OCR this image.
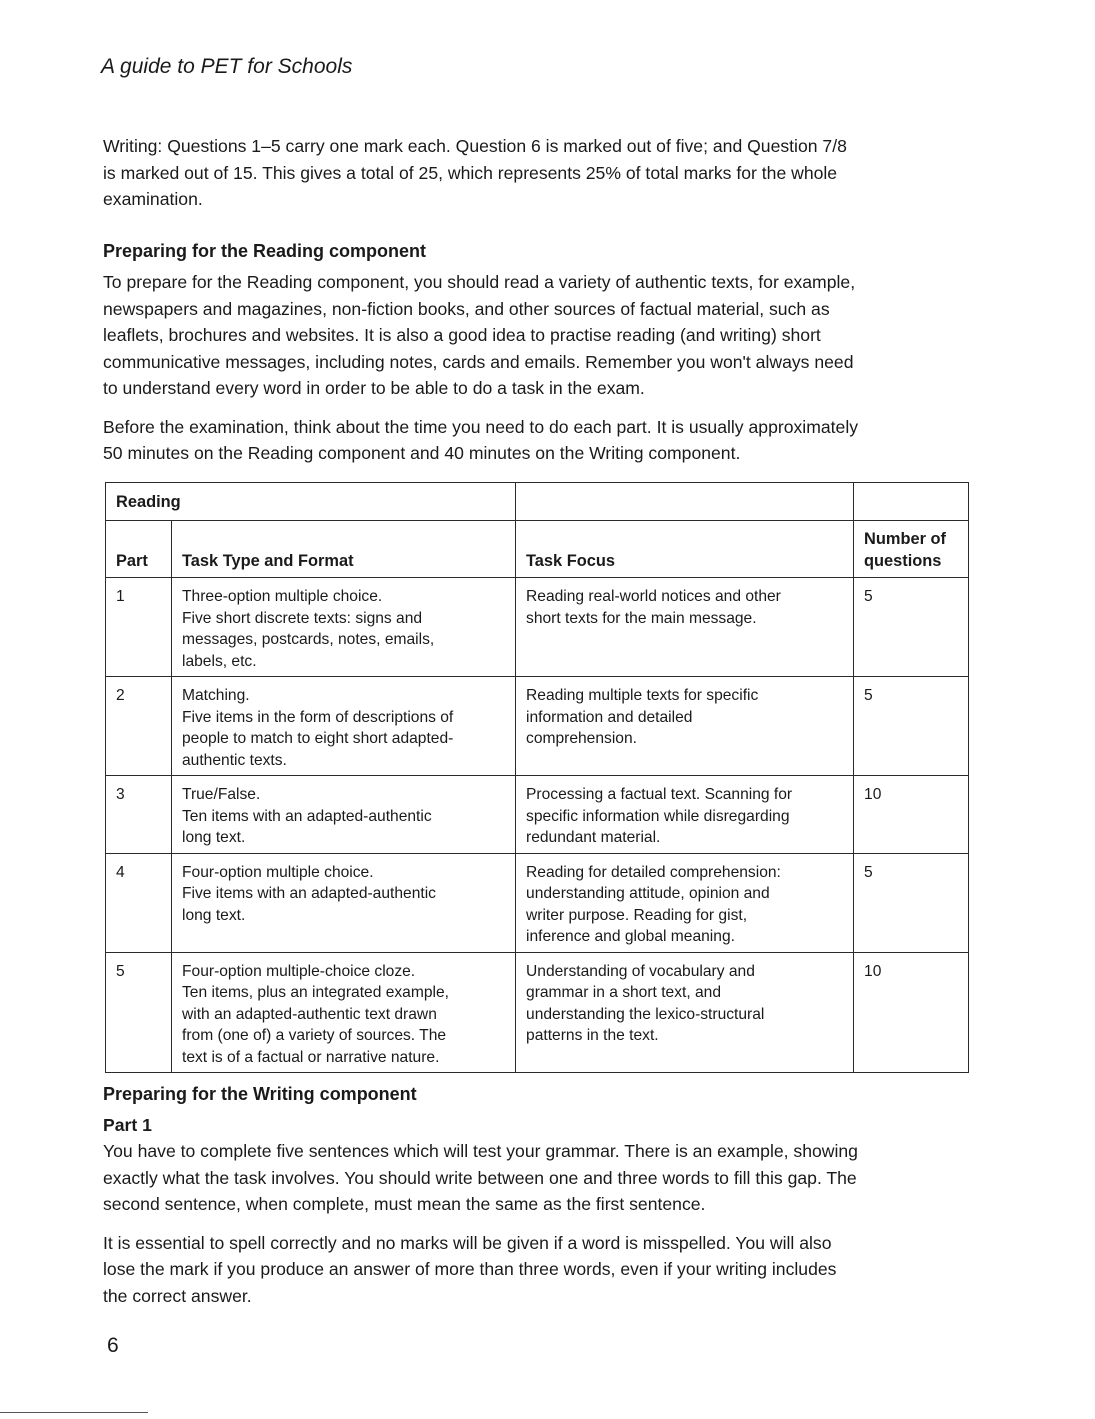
A guide to PET for Schools

Writing: Questions 1–5 carry one mark each. Question 6 is marked out of five; and Question 7/8
is marked out of 15. This gives a total of 25, which represents 25% of total marks for the whole
examination.

Preparing for the Reading component

To prepare for the Reading component, you should read a variety of authentic texts, for example,
newspapers and magazines, non-fiction books, and other sources of factual material, such as
leaflets, brochures and websites. It is also a good idea to practise reading (and writing) short
communicative messages, including notes, cards and emails. Remember you won't always need
to understand every word in order to be able to do a task in the exam.

Before the examination, think about the time you need to do each part. It is usually approximately
50 minutes on the Reading component and 40 minutes on the Writing component.

Reading			
Part	Task Type and Format	Task Focus	Number of
questions

1	Three-option multiple choice.
Five short discrete texts: signs and
messages, postcards, notes, emails,
labels, etc.	Reading real-world notices and other
short texts for the main message.	5
2	Matching.
Five items in the form of descriptions of
people to match to eight short adapted-
authentic texts.	Reading multiple texts for specific
information and detailed
comprehension.	5
3	True/False.
Ten items with an adapted-authentic
long text.	Processing a factual text. Scanning for
specific information while disregarding
redundant material.	10
4	Four-option multiple choice.
Five items with an adapted-authentic
long text.	Reading for detailed comprehension:
understanding attitude, opinion and
writer purpose. Reading for gist,
inference and global meaning.	5
5	Four-option multiple-choice cloze.
Ten items, plus an integrated example,
with an adapted-authentic text drawn
from (one of) a variety of sources. The
text is of a factual or narrative nature.	Understanding of vocabulary and
grammar in a short text, and
understanding the lexico-structural
patterns in the text.	10
Preparing for the Writing component
Part 1

You have to complete five sentences which will test your grammar. There is an example, showing
exactly what the task involves. You should write between one and three words to fill this gap. The
second sentence, when complete, must mean the same as the first sentence.

It is essential to spell correctly and no marks will be given if a word is misspelled. You will also
lose the mark if you produce an answer of more than three words, even if your writing includes
the correct answer.

6
